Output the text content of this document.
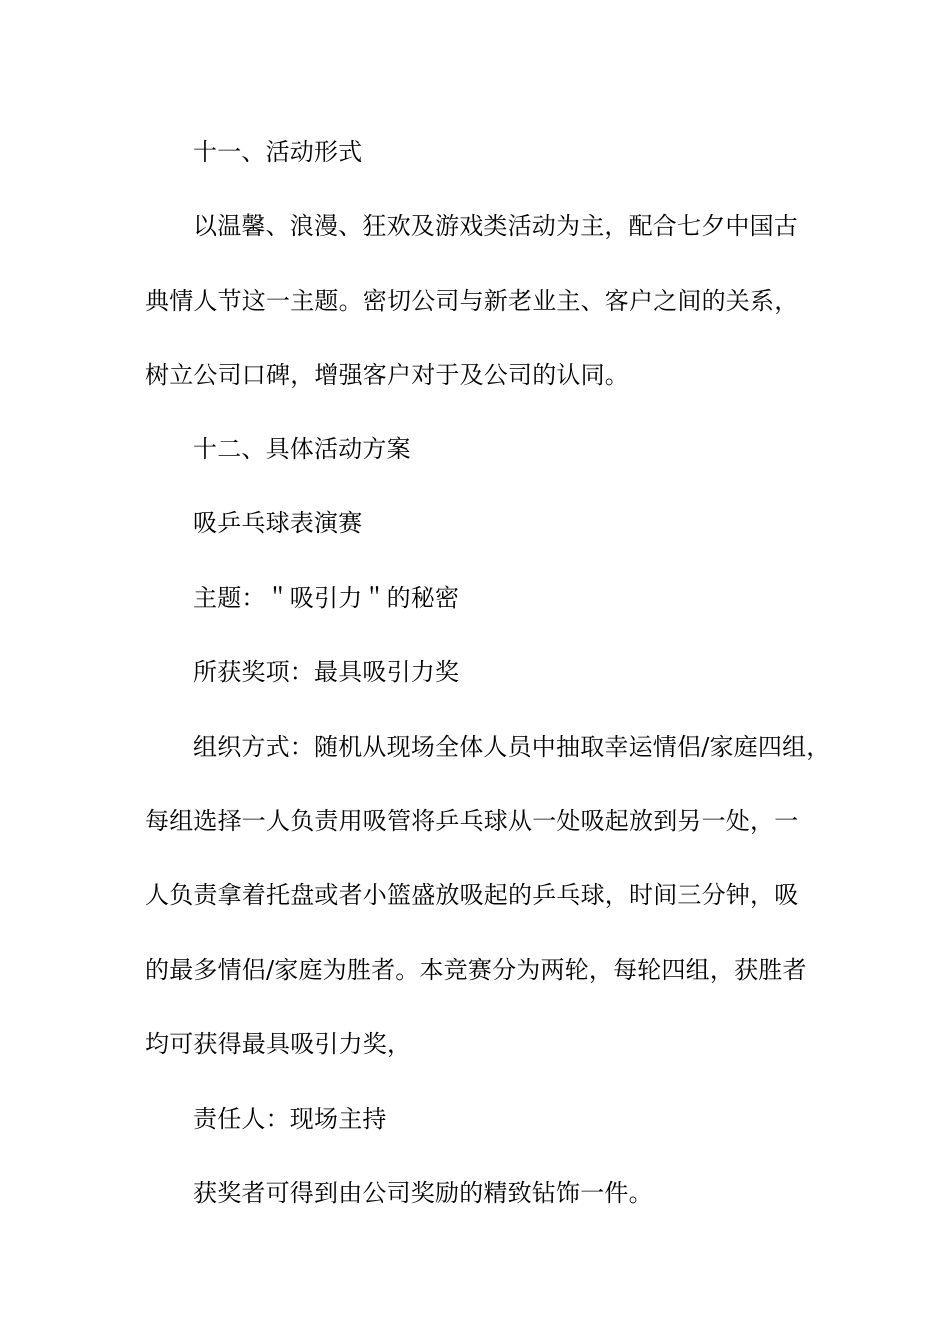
十一、活动形式
以温馨、浪漫、狂欢及游戏类活动为主，配合七夕中国古
典情人节这一主题。密切公司与新老业主、客户之间的关系，
树立公司口碑，增强客户对于及公司的认同。
十二、具体活动方案
吸乒乓球表演赛
主题：＂吸引力＂的秘密
所获奖项：最具吸引力奖
组织方式：随机从现场全体人员中抽取幸运情侣/家庭四组，
每组选择一人负责用吸管将乒乓球从一处吸起放到另一处，一
人负责拿着托盘或者小篮盛放吸起的乒乓球，时间三分钟，吸
的最多情侣/家庭为胜者。本竞赛分为两轮，每轮四组，获胜者
均可获得最具吸引力奖，
责任人：现场主持
获奖者可得到由公司奖励的精致钻饰一件。
